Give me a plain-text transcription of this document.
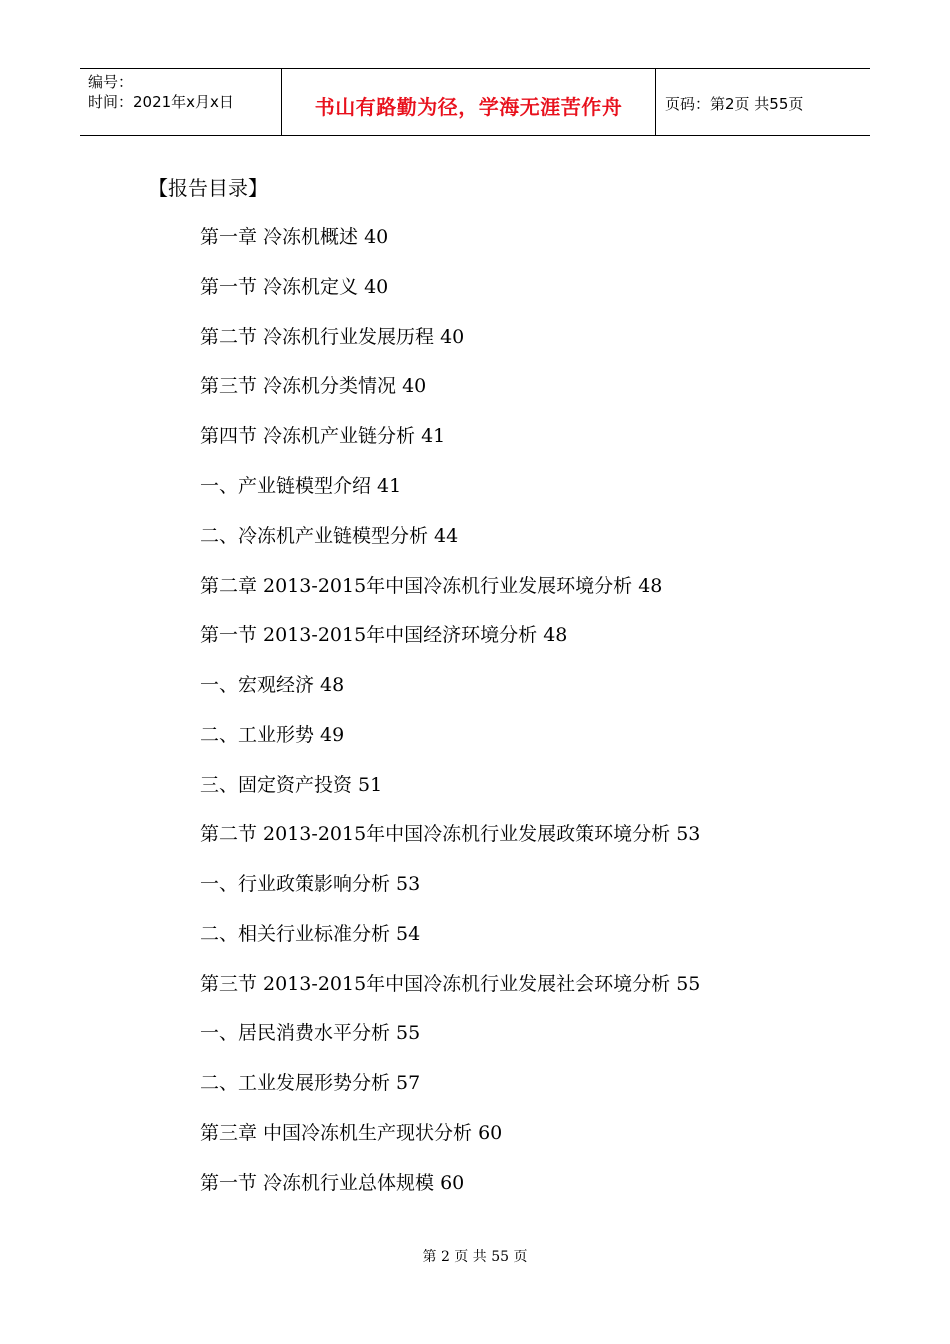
编号：
时间：2021年x月x日	书山有路勤为径，学海无涯苦作舟	页码：第2页 共55页
【报告目录】
第一章 冷冻机概述 40
第一节 冷冻机定义 40
第二节 冷冻机行业发展历程 40
第三节 冷冻机分类情况 40
第四节 冷冻机产业链分析 41
一、产业链模型介绍 41
二、冷冻机产业链模型分析 44
第二章 2013-2015年中国冷冻机行业发展环境分析 48
第一节 2013-2015年中国经济环境分析 48
一、宏观经济 48
二、工业形势 49
三、固定资产投资 51
第二节 2013-2015年中国冷冻机行业发展政策环境分析 53
一、行业政策影响分析 53
二、相关行业标准分析 54
第三节 2013-2015年中国冷冻机行业发展社会环境分析 55
一、居民消费水平分析 55
二、工业发展形势分析 57
第三章 中国冷冻机生产现状分析 60
第一节 冷冻机行业总体规模 60
第 2 页 共 55 页
